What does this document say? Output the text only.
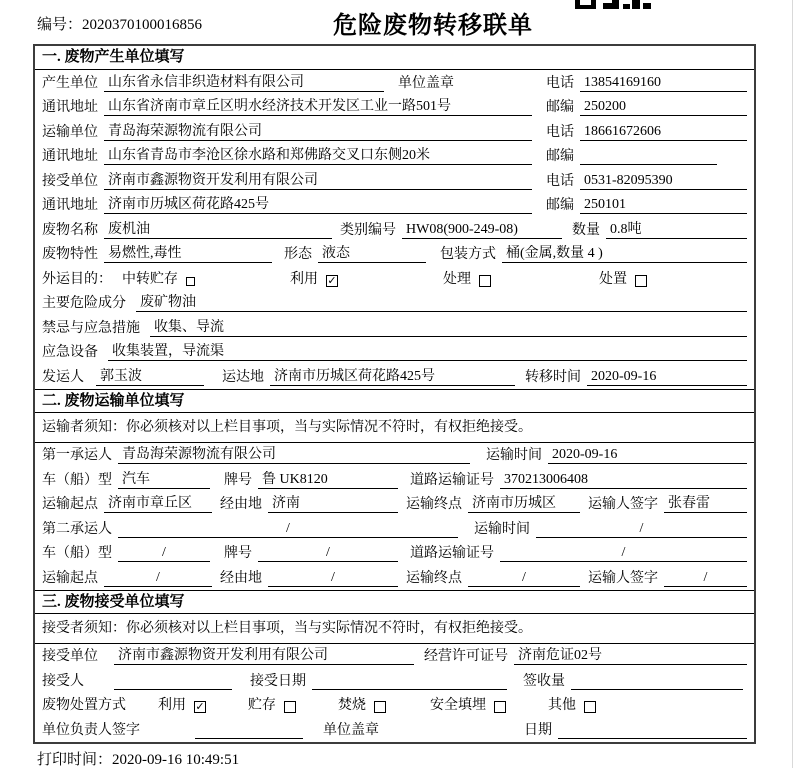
编号：2020370100016856	危险废物转移联单
一. 废物产生单位填写
产生单位 山东省永信非织造材料有限公司	单位盖章	电话 13854169160
通讯地址 山东省济南市章丘区明水经济技术开发区工业一路501号	邮编 250200
运输单位 青岛海荣源物流有限公司	电话 18661672606
通讯地址 山东省青岛市李沧区徐水路和郑佛路交叉口东侧20米	邮编
接受单位 济南市鑫源物资开发利用有限公司	电话 0531-82095390
通讯地址 济南市历城区荷花路425号	邮编 250101
废物名称 废机油	类别编号 HW08(900-249-08)	数量 0.8吨
废物特性 易燃性,毒性	形态 液态	包装方式 桶(金属,数量 4 )
外运目的： 中转贮存	利用 ✓	处理	处置
主要危险成分 废矿物油
禁忌与应急措施 收集、导流
应急设备 收集装置，导流渠
发运人 郭玉波	运达地 济南市历城区荷花路425号	转移时间 2020-09-16
二. 废物运输单位填写
运输者须知：你必须核对以上栏目事项，当与实际情况不符时，有权拒绝接受。
第一承运人 青岛海荣源物流有限公司	运输时间 2020-09-16
车（船）型 汽车	牌号 鲁 UK8120	道路运输证号 370213006408
运输起点 济南市章丘区	经由地 济南	运输终点 济南市历城区	运输人签字 张春雷
第二承运人	/	运输时间	/
车（船）型	/	牌号	/	道路运输证号	/
运输起点	/	经由地	/	运输终点	/	运输人签字	/
三. 废物接受单位填写
接受者须知：你必须核对以上栏目事项，当与实际情况不符时，有权拒绝接受。
接受单位 济南市鑫源物资开发利用有限公司	经营许可证号 济南危证02号
接受人	接受日期	签收量
废物处置方式 利用 ✓	贮存	焚烧	安全填埋	其他
单位负责人签字	单位盖章	日期
打印时间：2020-09-16 10:49:51
